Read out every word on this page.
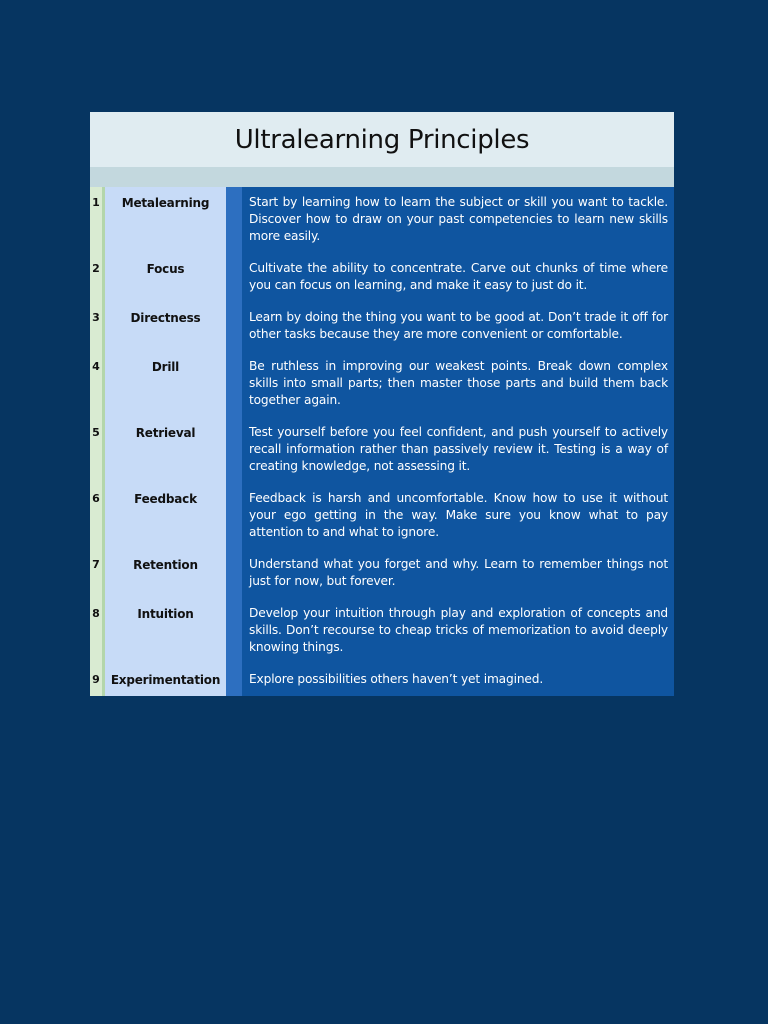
Ultralearning Principles
1	Metalearning	Start by learning how to learn the subject or skill you want to tackle. Discover how to draw on your past competencies to learn new skills more easily.
2	Focus	Cultivate the ability to concentrate. Carve out chunks of time where you can focus on learning, and make it easy to just do it.
3	Directness	Learn by doing the thing you want to be good at. Don’t trade it off for other tasks because they are more convenient or comfortable.
4	Drill	Be ruthless in improving our weakest points. Break down complex skills into small parts; then master those parts and build them back together again.
5	Retrieval	Test yourself before you feel confident, and push yourself to actively recall information rather than passively review it. Testing is a way of creating knowledge, not assessing it.
6	Feedback	Feedback is harsh and uncomfortable. Know how to use it without your ego getting in the way. Make sure you know what to pay attention to and what to ignore.
7	Retention	Understand what you forget and why. Learn to remember things not just for now, but forever.
8	Intuition	Develop your intuition through play and exploration of concepts and skills. Don’t recourse to cheap tricks of memorization to avoid deeply knowing things.
9 Experimentation	Explore possibilities others haven’t yet imagined.
